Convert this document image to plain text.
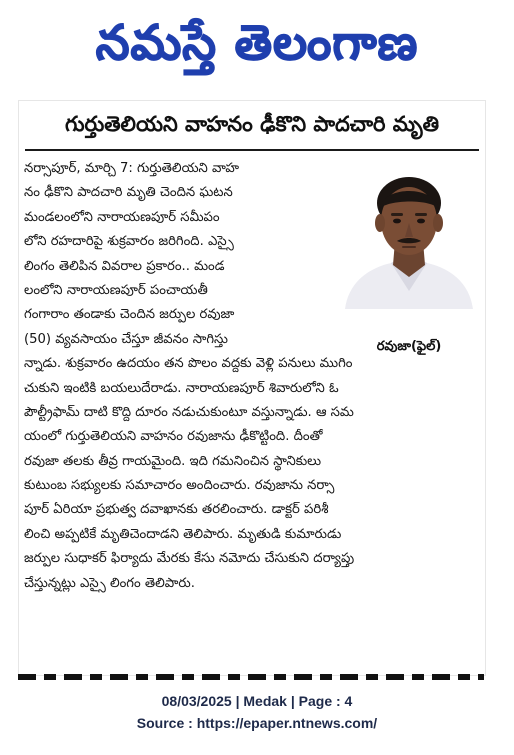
నమస్తే తెలంగాణ
గుర్తుతెలియని వాహనం ఢీకొని పాదచారి మృతి
నర్సాపూర్, మార్చి 7: గుర్తుతెలియని వాహ
నం ఢీకొని పాదచారి మృతి చెందిన ఘటన
మండలంలోని నారాయణపూర్ సమీపం
లోని రహదారిపై శుక్రవారం జరిగింది. ఎస్సై
లింగం తెలిపిన వివరాల ప్రకారం.. మండ
లంలోని నారాయణపూర్ పంచాయతీ
గంగారాం తండాకు చెందిన జర్పుల రవుజా
(50) వ్యవసాయం చేస్తూ జీవనం సాగిస్తు
న్నాడు. శుక్రవారం ఉదయం తన పొలం వద్దకు వెళ్లి పనులు ముగిం
చుకుని ఇంటికి బయలుదేరాడు. నారాయణపూర్ శివారులోని ఓ
పౌల్ట్రీఫామ్ దాటి కొద్ది దూరం నడుచుకుంటూ వస్తున్నాడు. ఆ సమ
యంలో గుర్తుతెలియని వాహనం రవుజాను ఢీకొట్టింది. దీంతో
రవుజా తలకు తీవ్ర గాయమైంది. ఇది గమనించిన స్థానికులు
కుటుంబ సభ్యులకు సమాచారం అందించారు. రవుజాను నర్సా
పూర్ ఏరియా ప్రభుత్వ దవాఖానకు తరలించారు. డాక్టర్ పరిశీ
లించి అప్పటికే మృతిచెందాడని తెలిపారు. మృతుడి కుమారుడు
జర్పుల సుధాకర్ ఫిర్యాదు మేరకు కేసు నమోదు చేసుకుని దర్యాప్తు
చేస్తున్నట్లు ఎస్సై లింగం తెలిపారు.
రవుజా(ఫైల్)
08/03/2025 | Medak | Page : 4
Source : https://epaper.ntnews.com/
